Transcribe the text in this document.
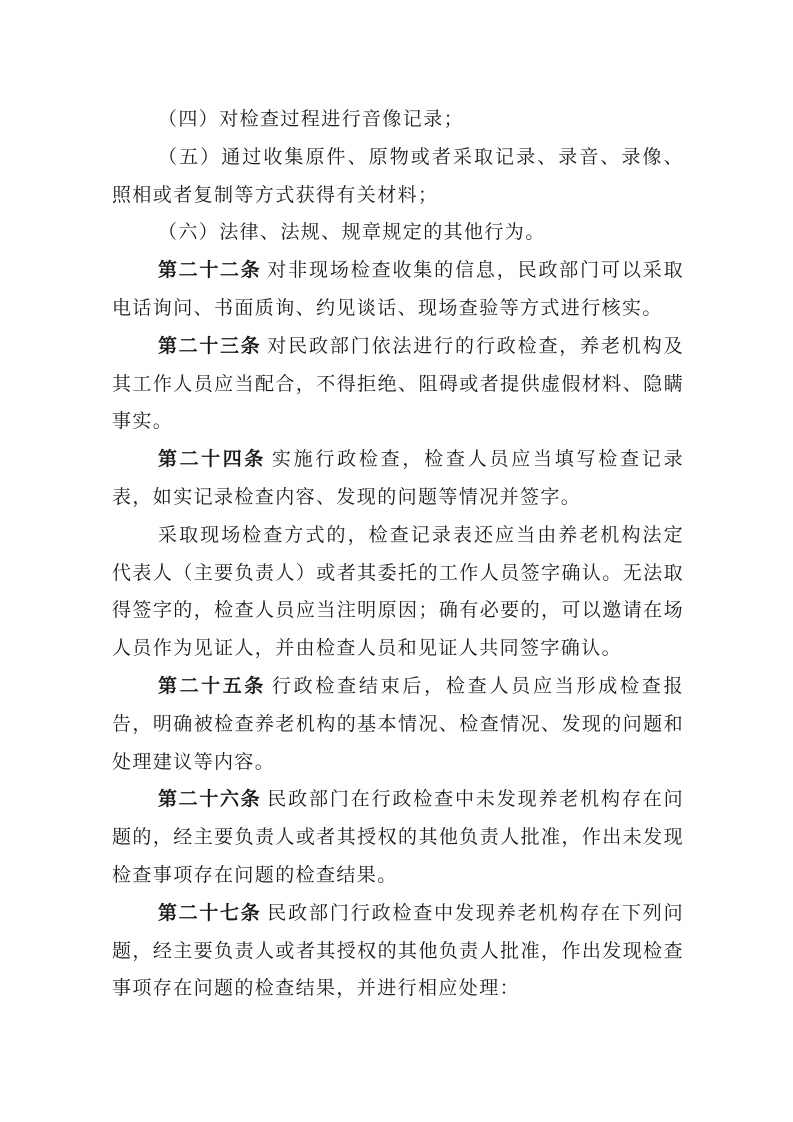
（四）对检查过程进行音像记录；

（五）通过收集原件、原物或者采取记录、录音、录像、照相或者复制等方式获得有关材料；

（六）法律、法规、规章规定的其他行为。

第二十二条 对非现场检查收集的信息，民政部门可以采取电话询问、书面质询、约见谈话、现场查验等方式进行核实。

第二十三条 对民政部门依法进行的行政检查，养老机构及其工作人员应当配合，不得拒绝、阻碍或者提供虚假材料、隐瞒事实。

第二十四条 实施行政检查，检查人员应当填写检查记录表，如实记录检查内容、发现的问题等情况并签字。

采取现场检查方式的，检查记录表还应当由养老机构法定代表人（主要负责人）或者其委托的工作人员签字确认。无法取得签字的，检查人员应当注明原因；确有必要的，可以邀请在场人员作为见证人，并由检查人员和见证人共同签字确认。

第二十五条 行政检查结束后，检查人员应当形成检查报告，明确被检查养老机构的基本情况、检查情况、发现的问题和处理建议等内容。

第二十六条 民政部门在行政检查中未发现养老机构存在问题的，经主要负责人或者其授权的其他负责人批准，作出未发现检查事项存在问题的检查结果。

第二十七条 民政部门行政检查中发现养老机构存在下列问题，经主要负责人或者其授权的其他负责人批准，作出发现检查事项存在问题的检查结果，并进行相应处理：
